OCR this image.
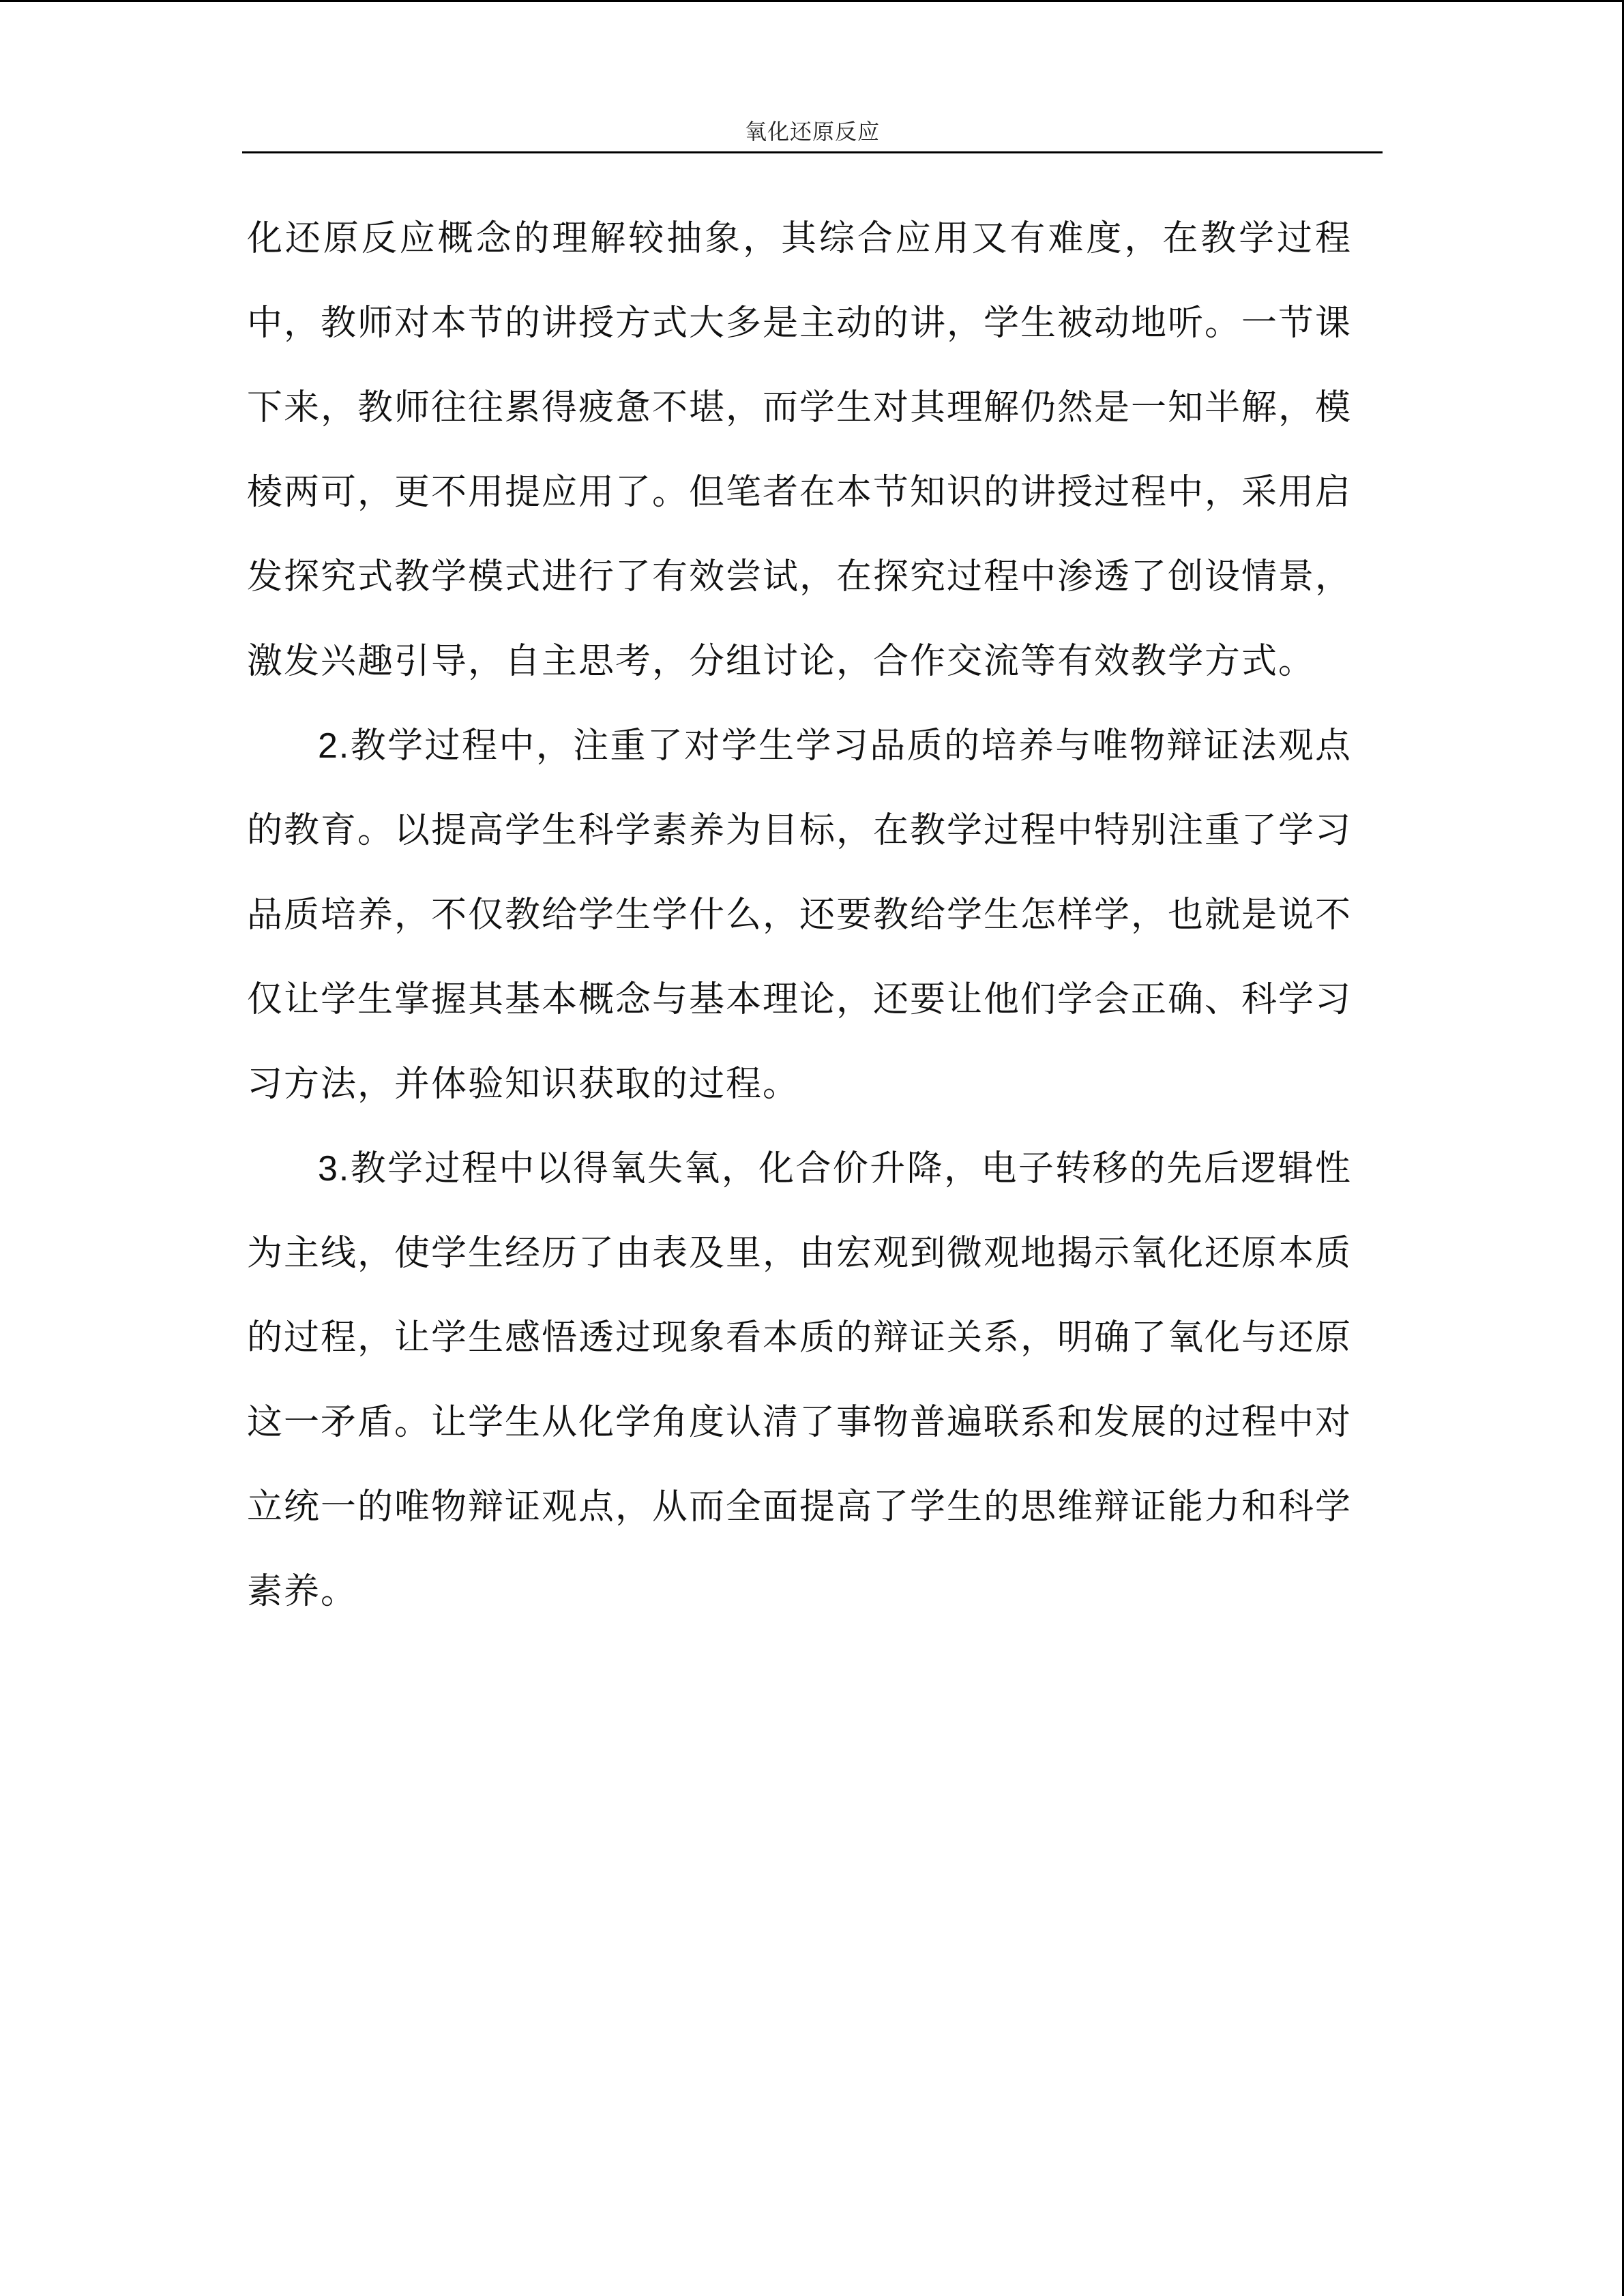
氧化还原反应

化还原反应概念的理解较抽象，其综合应用又有难度，在教学过程中，教师对本节的讲授方式大多是主动的讲，学生被动地听。一节课下来，教师往往累得疲惫不堪，而学生对其理解仍然是一知半解，模棱两可，更不用提应用了。但笔者在本节知识的讲授过程中，采用启发探究式教学模式进行了有效尝试，在探究过程中渗透了创设情景，激发兴趣引导，自主思考，分组讨论，合作交流等有效教学方式。

2.教学过程中，注重了对学生学习品质的培养与唯物辩证法观点的教育。以提高学生科学素养为目标，在教学过程中特别注重了学习品质培养，不仅教给学生学什么，还要教给学生怎样学，也就是说不仅让学生掌握其基本概念与基本理论，还要让他们学会正确、科学习习方法，并体验知识获取的过程。

3.教学过程中以得氧失氧，化合价升降，电子转移的先后逻辑性为主线，使学生经历了由表及里，由宏观到微观地揭示氧化还原本质的过程，让学生感悟透过现象看本质的辩证关系，明确了氧化与还原这一矛盾。让学生从化学角度认清了事物普遍联系和发展的过程中对立统一的唯物辩证观点，从而全面提高了学生的思维辩证能力和科学素养。
